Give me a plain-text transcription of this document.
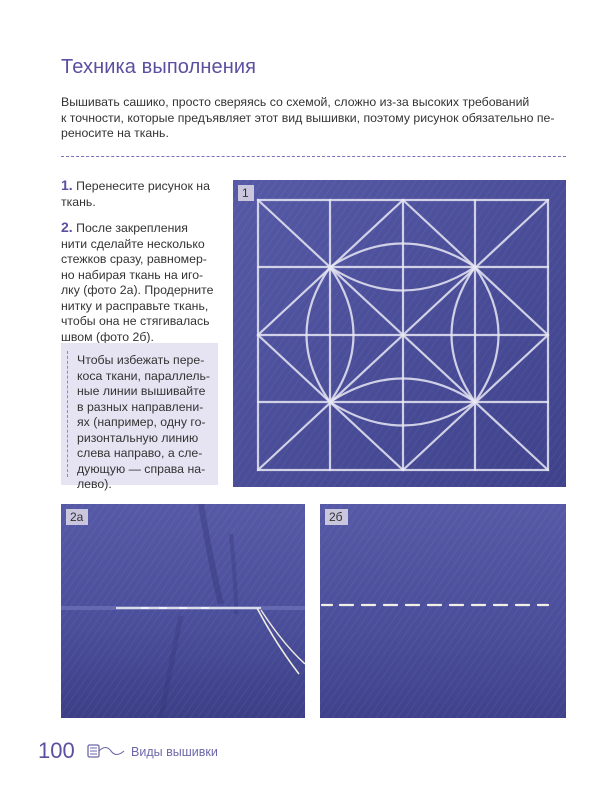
Техника выполнения

Вышивать сашико, просто сверяясь со схемой, сложно из-за высоких требований

к точности, которые предъявляет этот вид вышивки, поэтому рисунок обязательно пе-

реносите на ткань.

1. Перенесите рисунок на
ткань.
2. После закрепления
нити сделайте несколько
стежков сразу, равномер-
но набирая ткань на иго-
лку (фото 2а). Продерните
нитку и расправьте ткань,
чтобы она не стягивалась
швом (фото 2б).
Чтобы избежать пере-
коса ткани, параллель-
ные линии вышивайте
в разных направлени-
ях (например, одну го-
ризонтальную линию
слева направо, а сле-
дующую — справа на-
лево).
1
2а	2б
100	Виды вышивки
